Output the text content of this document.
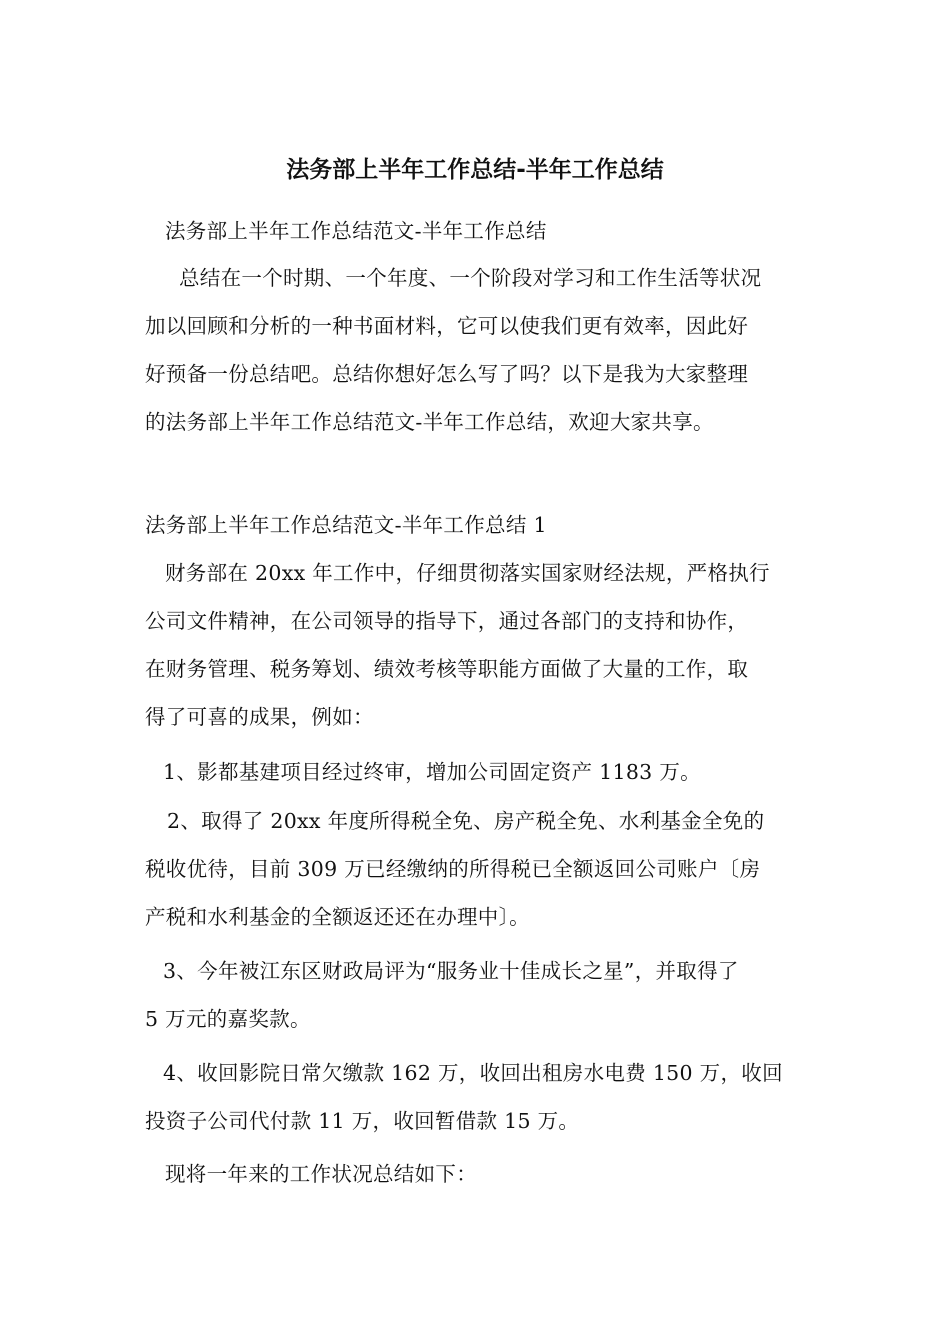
法务部上半年工作总结-半年工作总结

法务部上半年工作总结范文-半年工作总结

总结在一个时期、一个年度、一个阶段对学习和工作生活等状况

加以回顾和分析的一种书面材料，它可以使我们更有效率，因此好

好预备一份总结吧。总结你想好怎么写了吗？以下是我为大家整理

的法务部上半年工作总结范文-半年工作总结，欢迎大家共享。

法务部上半年工作总结范文-半年工作总结 1

财务部在 20xx 年工作中，仔细贯彻落实国家财经法规，严格执行

公司文件精神，在公司领导的指导下，通过各部门的支持和协作，

在财务管理、税务筹划、绩效考核等职能方面做了大量的工作，取

得了可喜的成果，例如：

1、影都基建项目经过终审，增加公司固定资产 1183 万。

2、取得了 20xx 年度所得税全免、房产税全免、水利基金全免的

税收优待，目前 309 万已经缴纳的所得税已全额返回公司账户〔房

产税和水利基金的全额返还还在办理中〕。

3、今年被江东区财政局评为“服务业十佳成长之星”，并取得了

5 万元的嘉奖款。

4、收回影院日常欠缴款 162 万，收回出租房水电费 150 万，收回

投资子公司代付款 11 万，收回暂借款 15 万。

现将一年来的工作状况总结如下：
